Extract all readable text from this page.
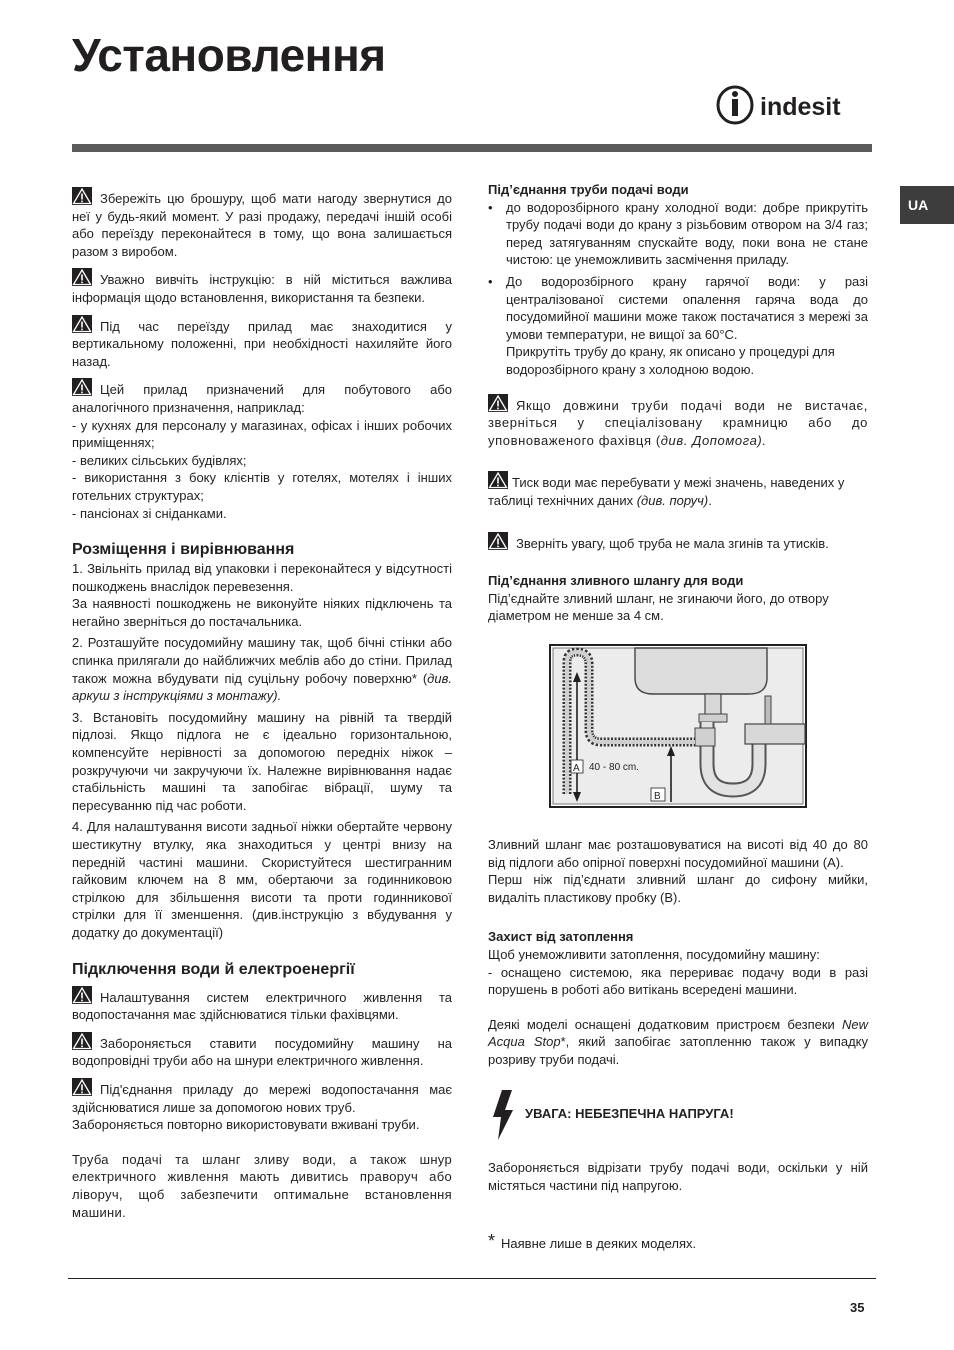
Установлення
indesit
UA

Збережіть цю брошуру, щоб мати нагоду звернутися до неї у будь-який момент. У разі продажу, передачі іншій особі або переїзду переконайтеся в тому, що вона залишається разом з виробом.

Уважно вивчіть інструкцію: в ній міститься важлива інформація щодо встановлення, використання та безпеки.

Під час переїзду прилад має знаходитися у вертикальному положенні, при необхідності нахиляйте його назад.

Цей прилад призначений для побутового або аналогічного призначення, наприклад:

- у кухнях для персоналу у магазинах, офісах і інших робочих приміщеннях;

- великих сільських будівлях;

- використання з боку клієнтів у готелях, мотелях і інших готельних структурах;

- пансіонах зі сніданками.

Розміщення і вирівнювання

1. Звільніть прилад від упаковки і переконайтеся у відсутності пошкоджень внаслідок перевезення.

За наявності пошкоджень не виконуйте ніяких підключень та негайно зверніться до постачальника.

2. Розташуйте посудомийну машину так, щоб бічні стінки або спинка прилягали до найближчих меблів або до стіни. Прилад також можна вбудувати під суцільну робочу поверхню* (див. аркуш з інструкціями з монтажу).

3. Встановіть посудомийну машину на рівній та твердій підлозі. Якщо підлога не є ідеально горизонтальною, компенсуйте нерівності за допомогою передніх ніжок – розкручуючи чи закручуючи їх. Належне вирівнювання надає стабільність машині та запобігає вібрації, шуму та пересуванню під час роботи.

4. Для налаштування висоти задньої ніжки обертайте червону шестикутну втулку, яка знаходиться у центрі внизу на передній частині машини. Скористуйтеся шестигранним гайковим ключем на 8 мм, обертаючи за годинниковою стрілкою для збільшення висоти та проти годинникової стрілки для її зменшення. (див.інструкцію з вбудування у додатку до документації)

Підключення води й електроенергії

Налаштування систем електричного живлення та водопостачання має здійснюватися тільки фахівцями.

Забороняється ставити посудомийну машину на водопровідні труби або на шнури електричного живлення.

Під'єднання приладу до мережі водопостачання має здійснюватися лише за допомогою нових труб.

Забороняється повторно використовувати вживані труби.

Труба подачі та шланг зливу води, а також шнур електричного живлення мають дивитись праворуч або ліворуч, щоб забезпечити оптимальне встановлення машини.

Під’єднання труби подачі води

• до водорозбірного крану холодної води: добре прикрутіть трубу подачі води до крану з різьбовим отвором на 3/4 газ; перед затягуванням спускайте воду, поки вона не стане чистою: це унеможливить засмічення приладу.
• До водорозбірного крану гарячої води: у разі централізованої системи опалення гаряча вода до посудомийної машини може також постачатися з мережі за умови температури, не вищої за 60°С.

Прикрутіть трубу до крану, як описано у процедурі для водорозбірного крану з холодною водою.

Якщо довжини труби подачі води не вистачає, зверніться у спеціалізовану крамницю або до уповноваженого фахівця (див. Допомога).

Тиск води має перебувати у межі значень, наведених у таблиці технічних даних (див. поруч).

Зверніть увагу, щоб труба не мала згинів та утисків.

Під’єднання зливного шлангу для води

Під’єднайте зливний шланг, не згинаючи його, до отвору діаметром не менше за 4 см.

A 40 - 80 cm.
B

Зливний шланг має розташовуватися на висоті від 40 до 80 від підлоги або опірної поверхні посудомийної машини (А).

Перш ніж під’єднати зливний шланг до сифону мийки, видаліть пластикову пробку (В).

Захист від затоплення

Щоб унеможливити затоплення, посудомийну машину:

- оснащено системою, яка перериває подачу води в разі порушень в роботі або витікань всередені машини.

Деякі моделі оснащені додатковим пристроєм безпеки New Acqua Stop*, який запобігає затопленню також у випадку розриву труби подачі.

УВАГА: НЕБЕЗПЕЧНА НАПРУГА!

Забороняється відрізати трубу подачі води, оскільки у ній містяться частини під напругою.

* Наявне лише в деяких моделях.
35
